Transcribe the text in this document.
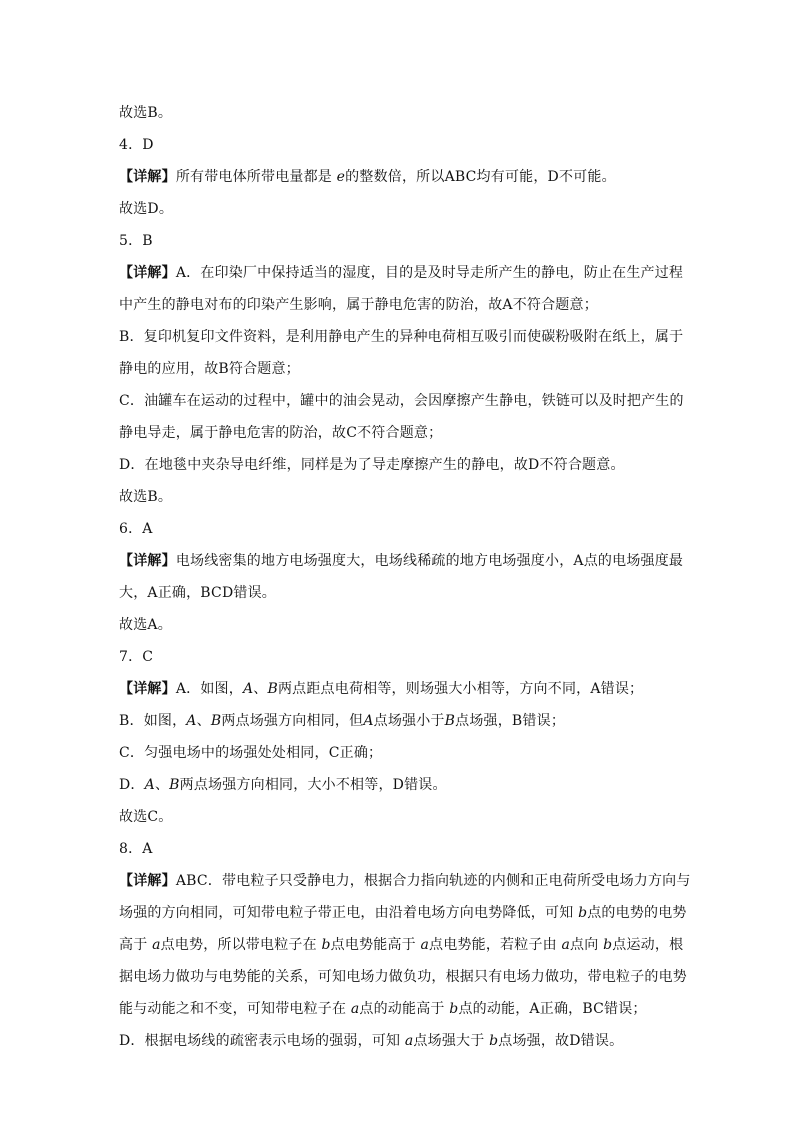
故选B。
4．D
【详解】所有带电体所带电量都是 e的整数倍，所以ABC均有可能，D不可能。
故选D。
5．B
【详解】A．在印染厂中保持适当的湿度，目的是及时导走所产生的静电，防止在生产过程
中产生的静电对布的印染产生影响，属于静电危害的防治，故A不符合题意；
B．复印机复印文件资料，是利用静电产生的异种电荷相互吸引而使碳粉吸附在纸上，属于
静电的应用，故B符合题意；
C．油罐车在运动的过程中，罐中的油会晃动，会因摩擦产生静电，铁链可以及时把产生的
静电导走，属于静电危害的防治，故C不符合题意；
D．在地毯中夹杂导电纤维，同样是为了导走摩擦产生的静电，故D不符合题意。
故选B。
6．A
【详解】电场线密集的地方电场强度大，电场线稀疏的地方电场强度小，A点的电场强度最
大，A正确，BCD错误。
故选A。
7．C
【详解】A．如图，A、B两点距点电荷相等，则场强大小相等，方向不同，A错误；
B．如图，A、B两点场强方向相同，但A点场强小于B点场强，B错误；
C．匀强电场中的场强处处相同，C正确；
D．A、B两点场强方向相同，大小不相等，D错误。
故选C。
8．A
【详解】ABC．带电粒子只受静电力，根据合力指向轨迹的内侧和正电荷所受电场力方向与
场强的方向相同，可知带电粒子带正电，由沿着电场方向电势降低，可知 b点的电势的电势
高于 a点电势，所以带电粒子在 b点电势能高于 a点电势能，若粒子由 a点向 b点运动，根
据电场力做功与电势能的关系，可知电场力做负功，根据只有电场力做功，带电粒子的电势
能与动能之和不变，可知带电粒子在 a点的动能高于 b点的动能，A正确，BC错误；
D．根据电场线的疏密表示电场的强弱，可知 a点场强大于 b点场强，故D错误。
